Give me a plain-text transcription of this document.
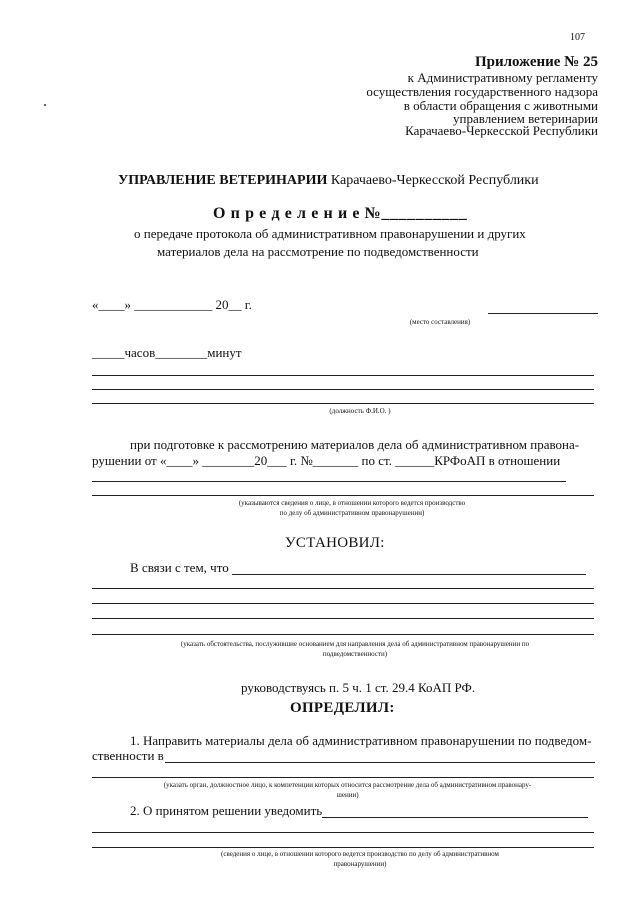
107
Приложение № 25
к Административному регламенту
осуществления государственного надзора
в области обращения с животными
управлением ветеринарии
Карачаево-Черкесской Республики
УПРАВЛЕНИЕ ВЕТЕРИНАРИИ Карачаево-Черкесской Республики
О п р е д е л е н и е №__________
о передаче протокола об административном правонарушении и других
материалов дела на рассмотрение по подведомственности
«____» ____________ 20__ г.
(место составления)
_____часов________минут
(должность Ф.И.О. )
при подготовке к рассмотрению материалов дела об административном правона-
рушении от «____» ________20___ г. №_______ по ст. ______КРФоАП в отношении
(указываются сведения о лице, в отношении которого ведется производство
по делу об административном правонарушении)
УСТАНОВИЛ:
В связи с тем, что
(указать обстоятельства, послужившие основанием для направления дела об административном правонарушении по
подведомственности)
руководствуясь п. 5 ч. 1 ст. 29.4 КоАП РФ.
ОПРЕДЕЛИЛ:
1. Направить материалы дела об административном правонарушении по подведом-
ственности в
(указать орган, должностное лицо, к компетенции которых относится рассмотрение дела об административном правонару-
шении)
2. О принятом решении уведомить
(сведения о лице, в отношении которого ведется производство по делу об административном
правонарушении)
